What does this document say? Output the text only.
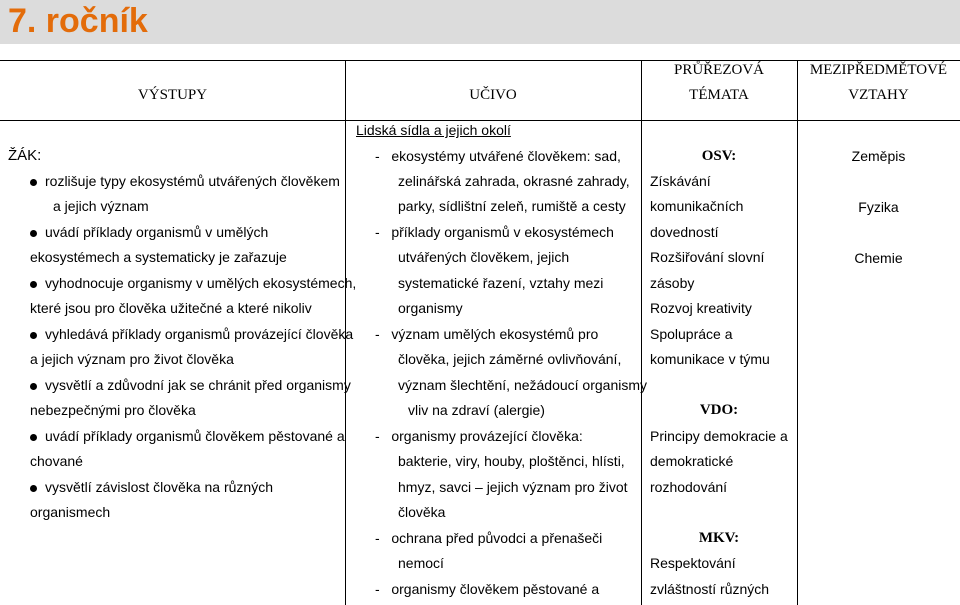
7. ročník
VÝSTUPY	UČIVO
PRŮŘEZOVÁ
TÉMATA
MEZIPŘEDMĚTOVÉ
VZTAHY
Lidská sídla a jejich okolí
ŽÁK:
rozlišuje typy ekosystémů utvářených člověkem
a jejich význam
uvádí příklady organismů v umělých
ekosystémech a systematicky je zařazuje
vyhodnocuje organismy v umělých ekosystémech,
které jsou pro člověka užitečné a které nikoliv
vyhledává příklady organismů provázející člověka
a jejich význam pro život člověka
vysvětlí a zdůvodní jak se chránit před organismy
nebezpečnými pro člověka
uvádí příklady organismů člověkem pěstované a
chované
vysvětlí závislost člověka na různých
organismech
-   ekosystémy utvářené člověkem: sad,
zelinářská zahrada, okrasné zahrady,
parky, sídlištní zeleň, rumiště a cesty
-   příklady organismů v ekosystémech
utvářených člověkem, jejich
systematické řazení, vztahy mezi
organismy
-   význam umělých ekosystémů pro
člověka, jejich záměrné ovlivňování,
význam šlechtění, nežádoucí organismy
vliv na zdraví (alergie)
-   organismy provázející člověka:
bakterie, viry, houby, ploštěnci, hlísti,
hmyz, savci – jejich význam pro život
člověka
-   ochrana před původci a přenašeči
nemocí
-   organismy člověkem pěstované a
OSV:
Získávání
komunikačních
dovedností
Rozšiřování slovní
zásoby
Rozvoj kreativity
Spolupráce a
komunikace v týmu
VDO:
Principy demokracie a
demokratické
rozhodování
MKV:
Respektování
zvláštností různých
Zeměpis
Fyzika
Chemie
